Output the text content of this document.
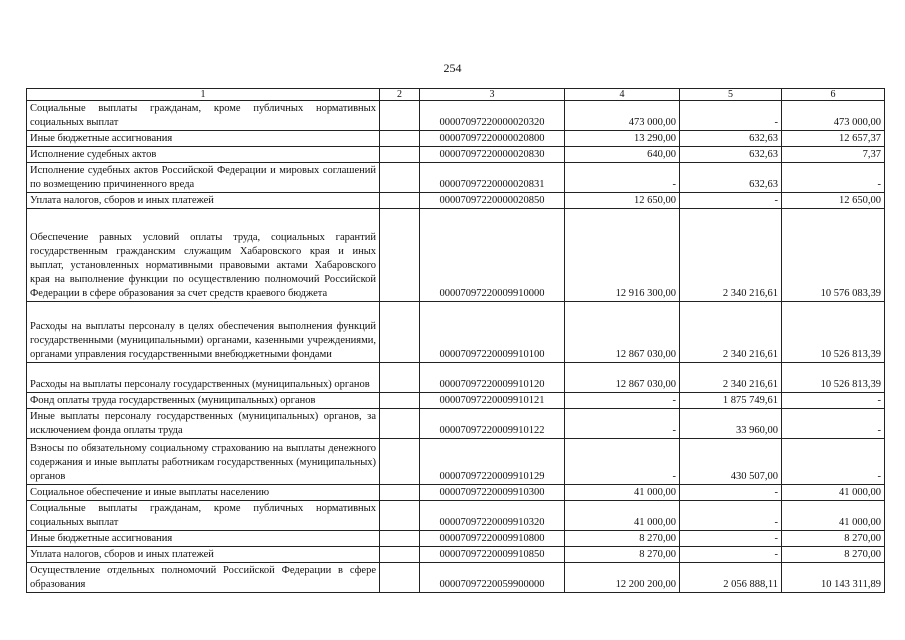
254
1	2	3	4	5	6
Социальные выплаты гражданам, кроме публичных нормативных социальных выплат		00007097220000020320	473 000,00	-	473 000,00
Иные бюджетные ассигнования		00007097220000020800	13 290,00	632,63	12 657,37
Исполнение судебных актов		00007097220000020830	640,00	632,63	7,37
Исполнение судебных актов Российской Федерации и мировых соглашений по возмещению причиненного вреда		00007097220000020831	-	632,63	-
Уплата налогов, сборов и иных платежей		00007097220000020850	12 650,00	-	12 650,00
Обеспечение равных условий оплаты труда, социальных гарантий государственным гражданским служащим Хабаровского края и иных выплат, установленных нормативными правовыми актами Хабаровского края на выполнение функции по осуществлению полномочий Российской Федерации в сфере образования за счет средств краевого бюджета		00007097220009910000	12 916 300,00	2 340 216,61	10 576 083,39
Расходы на выплаты персоналу в целях обеспечения выполнения функций государственными (муниципальными) органами, казенными учреждениями, органами управления государственными внебюджетными фондами		00007097220009910100	12 867 030,00	2 340 216,61	10 526 813,39
Расходы на выплаты персоналу государственных (муниципальных) органов		00007097220009910120	12 867 030,00	2 340 216,61	10 526 813,39
Фонд оплаты труда государственных (муниципальных) органов		00007097220009910121	-	1 875 749,61	-
Иные выплаты персоналу государственных (муниципальных) органов, за исключением фонда оплаты труда		00007097220009910122	-	33 960,00	-
Взносы по обязательному социальному страхованию на выплаты денежного содержания и иные выплаты работникам государственных (муниципальных) органов		00007097220009910129	-	430 507,00	-
Социальное обеспечение и иные выплаты населению		00007097220009910300	41 000,00	-	41 000,00
Социальные выплаты гражданам, кроме публичных нормативных социальных выплат		00007097220009910320	41 000,00	-	41 000,00
Иные бюджетные ассигнования		00007097220009910800	8 270,00	-	8 270,00
Уплата налогов, сборов и иных платежей		00007097220009910850	8 270,00	-	8 270,00
Осуществление отдельных полномочий Российской Федерации в сфере образования		00007097220059900000	12 200 200,00	2 056 888,11	10 143 311,89
